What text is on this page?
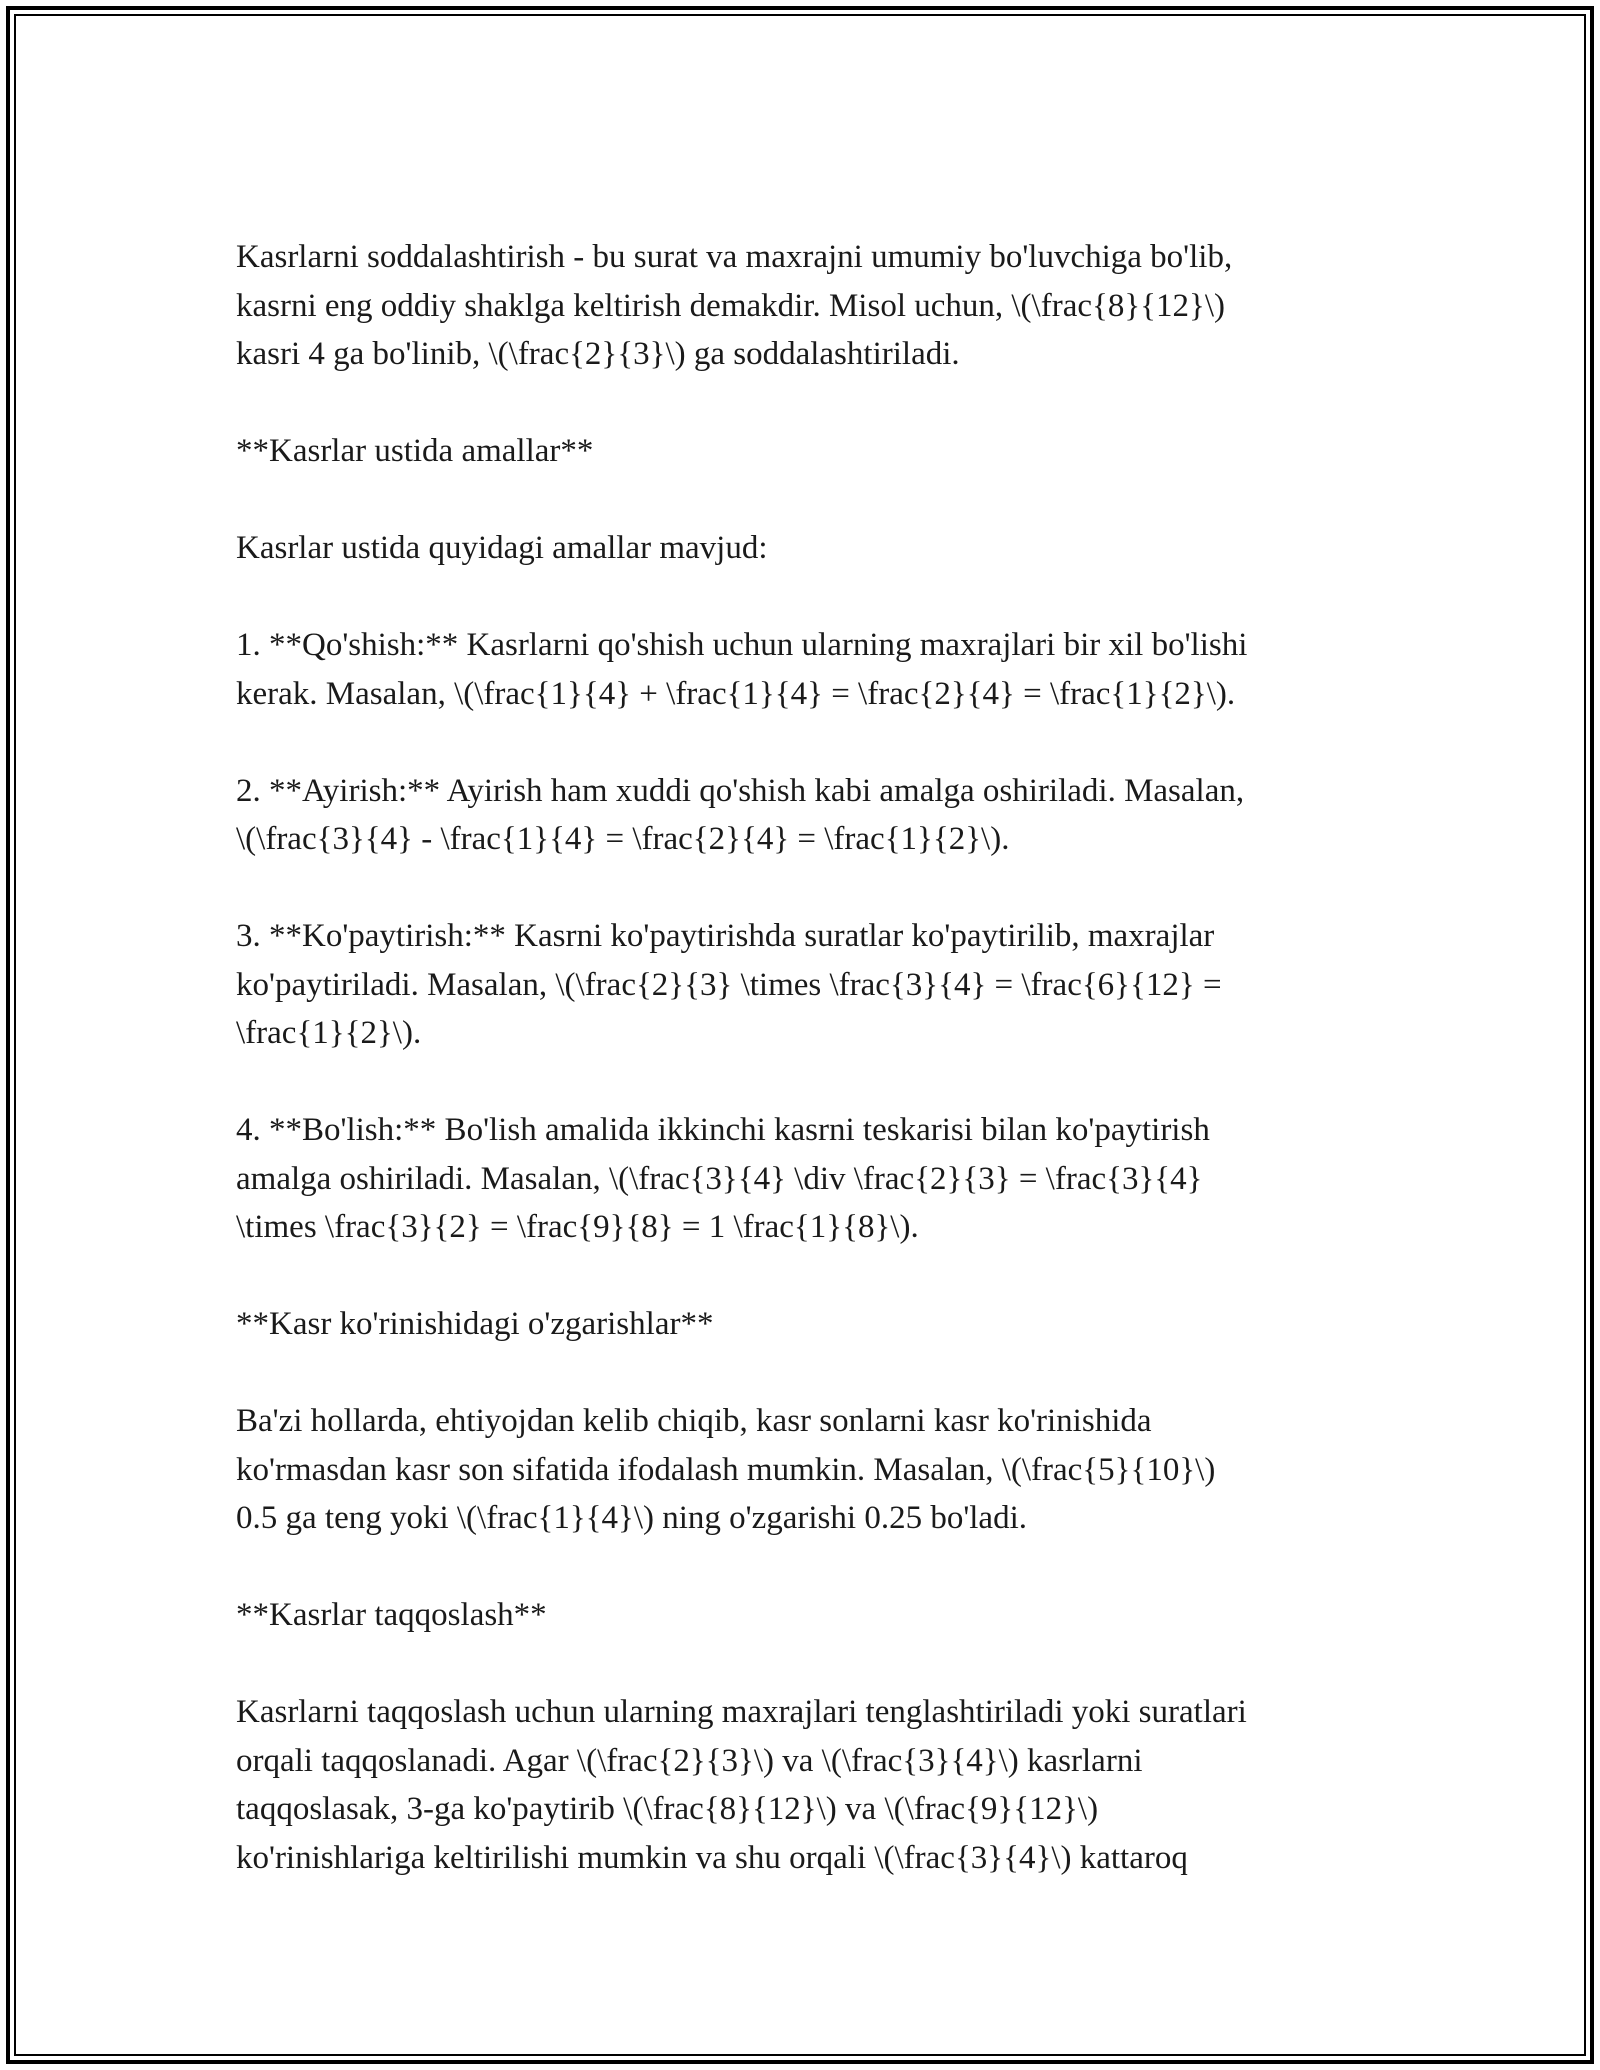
Kasrlarni soddalashtirish - bu surat va maxrajni umumiy bo'luvchiga bo'lib,
kasrni eng oddiy shaklga keltirish demakdir. Misol uchun, \(\frac{8}{12}\)
kasri 4 ga bo'linib, \(\frac{2}{3}\) ga soddalashtiriladi.

**Kasrlar ustida amallar**

Kasrlar ustida quyidagi amallar mavjud:

1. **Qo'shish:** Kasrlarni qo'shish uchun ularning maxrajlari bir xil bo'lishi
kerak. Masalan, \(\frac{1}{4} + \frac{1}{4} = \frac{2}{4} = \frac{1}{2}\).

2. **Ayirish:** Ayirish ham xuddi qo'shish kabi amalga oshiriladi. Masalan,
\(\frac{3}{4} - \frac{1}{4} = \frac{2}{4} = \frac{1}{2}\).

3. **Ko'paytirish:** Kasrni ko'paytirishda suratlar ko'paytirilib, maxrajlar
ko'paytiriladi. Masalan, \(\frac{2}{3} \times \frac{3}{4} = \frac{6}{12} =
\frac{1}{2}\).

4. **Bo'lish:** Bo'lish amalida ikkinchi kasrni teskarisi bilan ko'paytirish
amalga oshiriladi. Masalan, \(\frac{3}{4} \div \frac{2}{3} = \frac{3}{4}
\times \frac{3}{2} = \frac{9}{8} = 1 \frac{1}{8}\).

**Kasr ko'rinishidagi o'zgarishlar**

Ba'zi hollarda, ehtiyojdan kelib chiqib, kasr sonlarni kasr ko'rinishida
ko'rmasdan kasr son sifatida ifodalash mumkin. Masalan, \(\frac{5}{10}\)
0.5 ga teng yoki \(\frac{1}{4}\) ning o'zgarishi 0.25 bo'ladi.

**Kasrlar taqqoslash**

Kasrlarni taqqoslash uchun ularning maxrajlari tenglashtiriladi yoki suratlari
orqali taqqoslanadi. Agar \(\frac{2}{3}\) va \(\frac{3}{4}\) kasrlarni
taqqoslasak, 3-ga ko'paytirib \(\frac{8}{12}\) va \(\frac{9}{12}\)
ko'rinishlariga keltirilishi mumkin va shu orqali \(\frac{3}{4}\) kattaroq
